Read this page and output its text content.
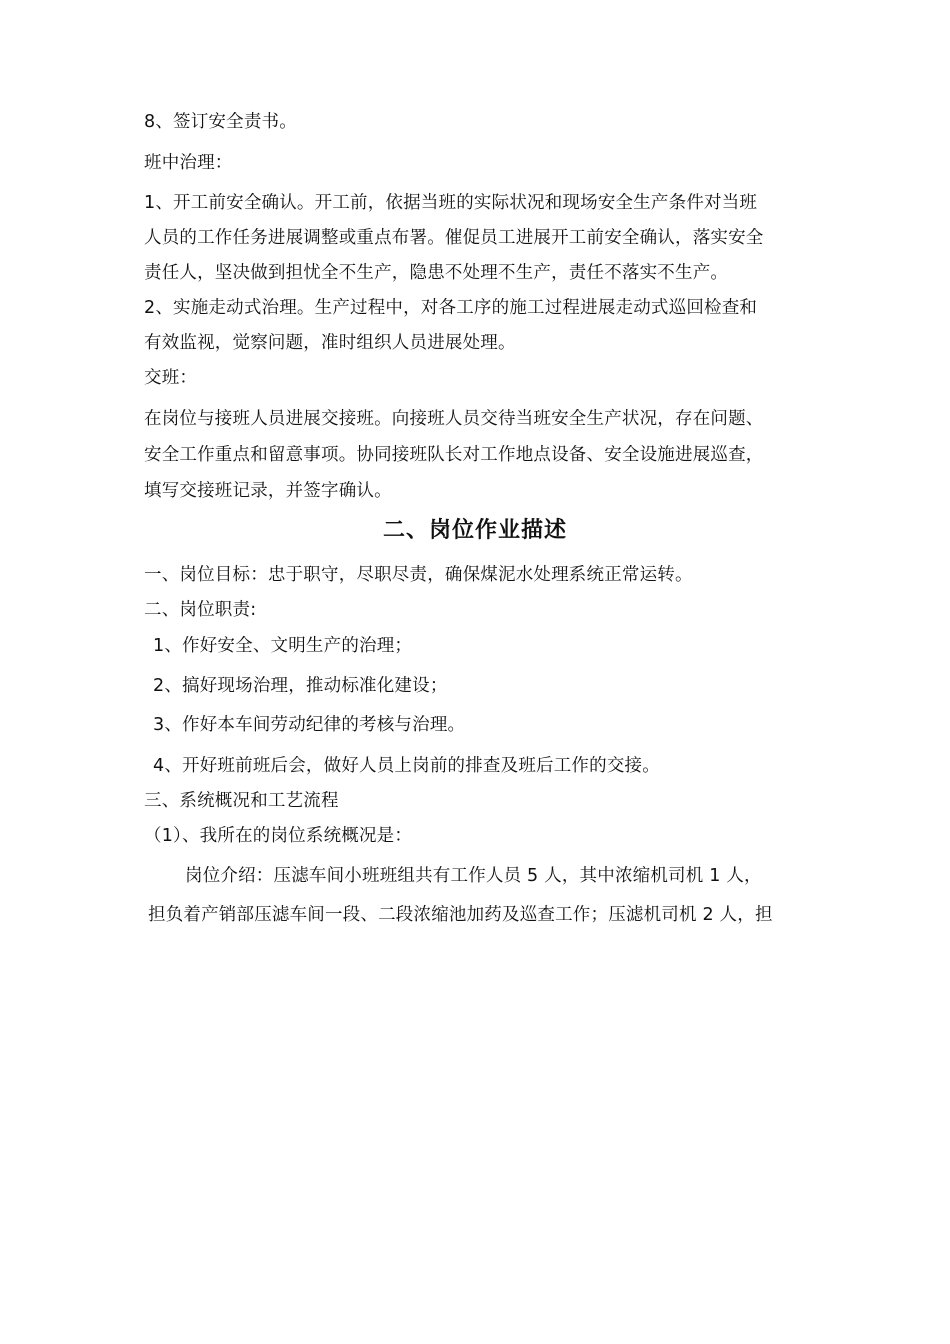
8、签订安全责书。
班中治理：
1、开工前安全确认。开工前，依据当班的实际状况和现场安全生产条件对当班
人员的工作任务进展调整或重点布署。催促员工进展开工前安全确认，落实安全
责任人，坚决做到担忧全不生产，隐患不处理不生产，责任不落实不生产。
2、实施走动式治理。生产过程中，对各工序的施工过程进展走动式巡回检查和
有效监视，觉察问题，准时组织人员进展处理。
交班：
在岗位与接班人员进展交接班。向接班人员交待当班安全生产状况，存在问题、
安全工作重点和留意事项。协同接班队长对工作地点设备、安全设施进展巡查，
填写交接班记录，并签字确认。
二、岗位作业描述
一、岗位目标：忠于职守，尽职尽责，确保煤泥水处理系统正常运转。
二、岗位职责:
1、作好安全、文明生产的治理；
2、搞好现场治理，推动标准化建设；
3、作好本车间劳动纪律的考核与治理。
4、开好班前班后会，做好人员上岗前的排查及班后工作的交接。
三、系统概况和工艺流程
（1）、我所在的岗位系统概况是：
岗位介绍：压滤车间小班班组共有工作人员 5 人，其中浓缩机司机 1 人，
担负着产销部压滤车间一段、二段浓缩池加药及巡查工作；压滤机司机 2 人，担
